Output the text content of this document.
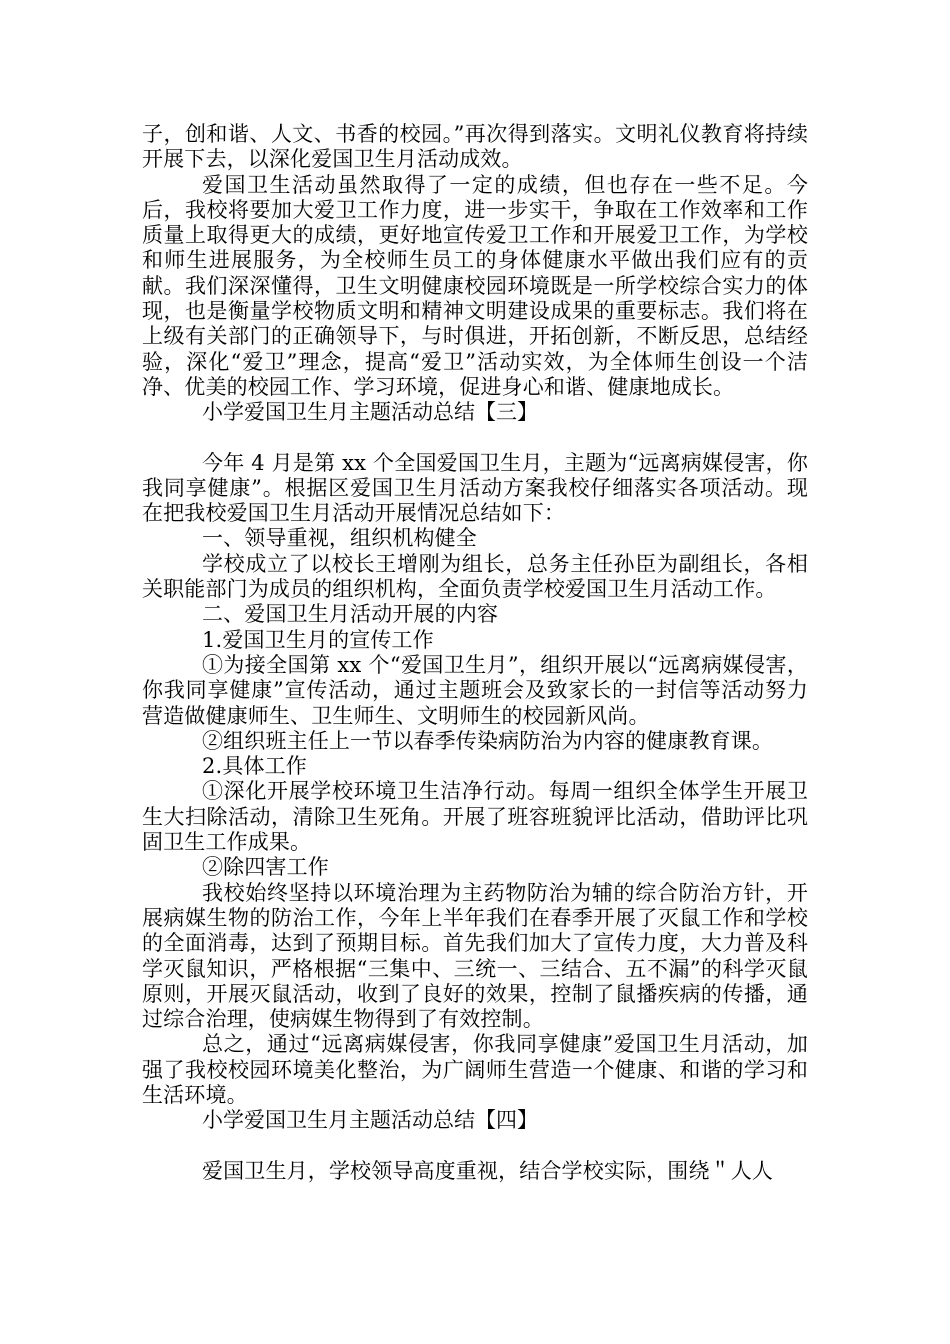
子，创和谐、人文、书香的校园。”再次得到落实。文明礼仪教育将持续开展下去，以深化爱国卫生月活动成效。

爱国卫生活动虽然取得了一定的成绩，但也存在一些不足。今后，我校将要加大爱卫工作力度，进一步实干，争取在工作效率和工作质量上取得更大的成绩，更好地宣传爱卫工作和开展爱卫工作，为学校和师生进展服务，为全校师生员工的身体健康水平做出我们应有的贡献。我们深深懂得，卫生文明健康校园环境既是一所学校综合实力的体现，也是衡量学校物质文明和精神文明建设成果的重要标志。我们将在上级有关部门的正确领导下，与时俱进，开拓创新，不断反思，总结经验，深化“爱卫”理念，提高“爱卫”活动实效，为全体师生创设一个洁净、优美的校园工作、学习环境，促进身心和谐、健康地成长。

小学爱国卫生月主题活动总结【三】

今年 4 月是第 xx 个全国爱国卫生月，主题为“远离病媒侵害，你我同享健康”。根据区爱国卫生月活动方案我校仔细落实各项活动。现在把我校爱国卫生月活动开展情况总结如下：

一、领导重视，组织机构健全

学校成立了以校长王增刚为组长，总务主任孙臣为副组长，各相关职能部门为成员的组织机构，全面负责学校爱国卫生月活动工作。

二、爱国卫生月活动开展的内容

1.爱国卫生月的宣传工作

①为接全国第 xx 个“爱国卫生月”，组织开展以“远离病媒侵害，你我同享健康”宣传活动，通过主题班会及致家长的一封信等活动努力营造做健康师生、卫生师生、文明师生的校园新风尚。

②组织班主任上一节以春季传染病防治为内容的健康教育课。

2.具体工作

①深化开展学校环境卫生洁净行动。每周一组织全体学生开展卫生大扫除活动，清除卫生死角。开展了班容班貌评比活动，借助评比巩固卫生工作成果。

②除四害工作

我校始终坚持以环境治理为主药物防治为辅的综合防治方针，开展病媒生物的防治工作，今年上半年我们在春季开展了灭鼠工作和学校的全面消毒，达到了预期目标。首先我们加大了宣传力度，大力普及科学灭鼠知识，严格根据“三集中、三统一、三结合、五不漏”的科学灭鼠原则，开展灭鼠活动，收到了良好的效果，控制了鼠播疾病的传播，通过综合治理，使病媒生物得到了有效控制。

总之，通过“远离病媒侵害，你我同享健康”爱国卫生月活动，加强了我校校园环境美化整治，为广阔师生营造一个健康、和谐的学习和生活环境。

小学爱国卫生月主题活动总结【四】

爱国卫生月，学校领导高度重视，结合学校实际，围绕＂人人
